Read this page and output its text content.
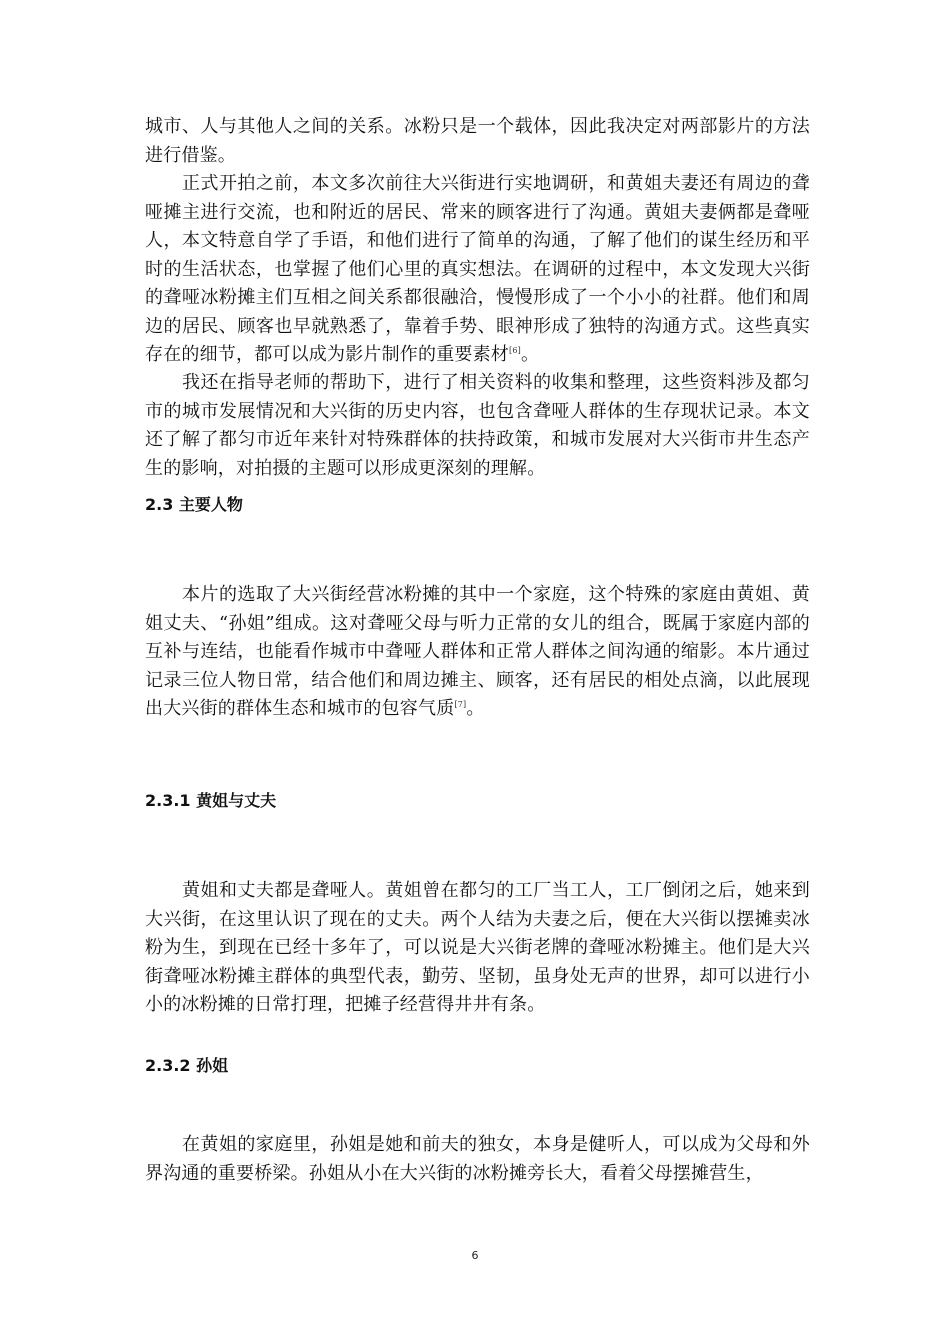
城市、人与其他人之间的关系。冰粉只是一个载体，因此我决定对两部影片的方法进行借鉴。

正式开拍之前，本文多次前往大兴街进行实地调研，和黄姐夫妻还有周边的聋哑摊主进行交流，也和附近的居民、常来的顾客进行了沟通。黄姐夫妻俩都是聋哑人，本文特意自学了手语，和他们进行了简单的沟通，了解了他们的谋生经历和平时的生活状态，也掌握了他们心里的真实想法。在调研的过程中，本文发现大兴街的聋哑冰粉摊主们互相之间关系都很融洽，慢慢形成了一个小小的社群。他们和周边的居民、顾客也早就熟悉了，靠着手势、眼神形成了独特的沟通方式。这些真实存在的细节，都可以成为影片制作的重要素材[6]。

我还在指导老师的帮助下，进行了相关资料的收集和整理，这些资料涉及都匀市的城市发展情况和大兴街的历史内容，也包含聋哑人群体的生存现状记录。本文还了解了都匀市近年来针对特殊群体的扶持政策，和城市发展对大兴街市井生态产生的影响，对拍摄的主题可以形成更深刻的理解。

2.3 主要人物

本片的选取了大兴街经营冰粉摊的其中一个家庭，这个特殊的家庭由黄姐、黄姐丈夫、“孙姐”组成。这对聋哑父母与听力正常的女儿的组合，既属于家庭内部的互补与连结，也能看作城市中聋哑人群体和正常人群体之间沟通的缩影。本片通过记录三位人物日常，结合他们和周边摊主、顾客，还有居民的相处点滴，以此展现出大兴街的群体生态和城市的包容气质[7]。

2.3.1 黄姐与丈夫

黄姐和丈夫都是聋哑人。黄姐曾在都匀的工厂当工人，工厂倒闭之后，她来到大兴街，在这里认识了现在的丈夫。两个人结为夫妻之后，便在大兴街以摆摊卖冰粉为生，到现在已经十多年了，可以说是大兴街老牌的聋哑冰粉摊主。他们是大兴街聋哑冰粉摊主群体的典型代表，勤劳、坚韧，虽身处无声的世界，却可以进行小小的冰粉摊的日常打理，把摊子经营得井井有条。

2.3.2 孙姐

在黄姐的家庭里，孙姐是她和前夫的独女，本身是健听人，可以成为父母和外界沟通的重要桥梁。孙姐从小在大兴街的冰粉摊旁长大，看着父母摆摊营生，

6
